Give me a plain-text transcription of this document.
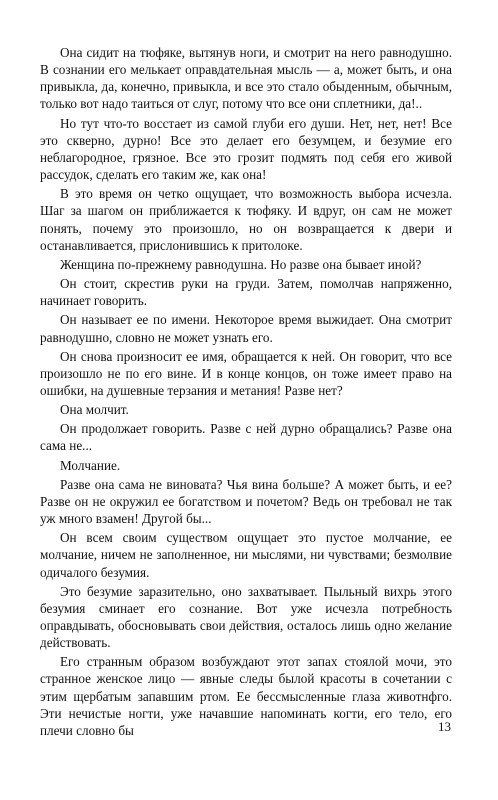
Она сидит на тюфяке, вытянув ноги, и смотрит на него равнодушно. В сознании его мелькает оправдательная мысль — а, может быть, и она привыкла, да, конечно, привыкла, и все это стало обыденным, обычным, только вот надо таиться от слуг, потому что все они сплетники, да!..

Но тут что-то восстает из самой глуби его души. Нет, нет, нет! Все это скверно, дурно! Все это делает его безумцем, и безумие его неблагородное, грязное. Все это грозит подмять под себя его живой рассудок, сделать его таким же, как она!

В это время он четко ощущает, что возможность выбора исчезла. Шаг за шагом он приближается к тюфяку. И вдруг, он сам не может понять, почему это произошло, но он возвращается к двери и останавливается, прислонившись к притолоке.

Женщина по-прежнему равнодушна. Но разве она бывает иной?

Он стоит, скрестив руки на груди. Затем, помолчав напряженно, начинает говорить.

Он называет ее по имени. Некоторое время выжидает. Она смотрит равнодушно, словно не может узнать его.

Он снова произносит ее имя, обращается к ней. Он говорит, что все произошло не по его вине. И в конце концов, он тоже имеет право на ошибки, на душевные терзания и метания! Разве нет?

Она молчит.

Он продолжает говорить. Разве с ней дурно обращались? Разве она сама не...

Молчание.

Разве она сама не виновата? Чья вина больше? А может быть, и ее? Разве он не окружил ее богатством и почетом? Ведь он требовал не так уж много взамен! Другой бы...

Он всем своим существом ощущает это пустое молчание, ее молчание, ничем не заполненное, ни мыслями, ни чувствами; безмолвие одичалого безумия.

Это безумие заразительно, оно захватывает. Пыльный вихрь этого безумия сминает его сознание. Вот уже исчезла потребность оправдывать, обосновывать свои действия, осталось лишь одно желание действовать.

Его странным образом возбуждают этот запах стоялой мочи, это странное женское лицо — явные следы былой красоты в сочетании с этим щербатым запавшим ртом. Ее бессмысленные глаза животнфго. Эти нечистые ногти, уже начавшие напоминать когти, его тело, его плечи словно бы	13
